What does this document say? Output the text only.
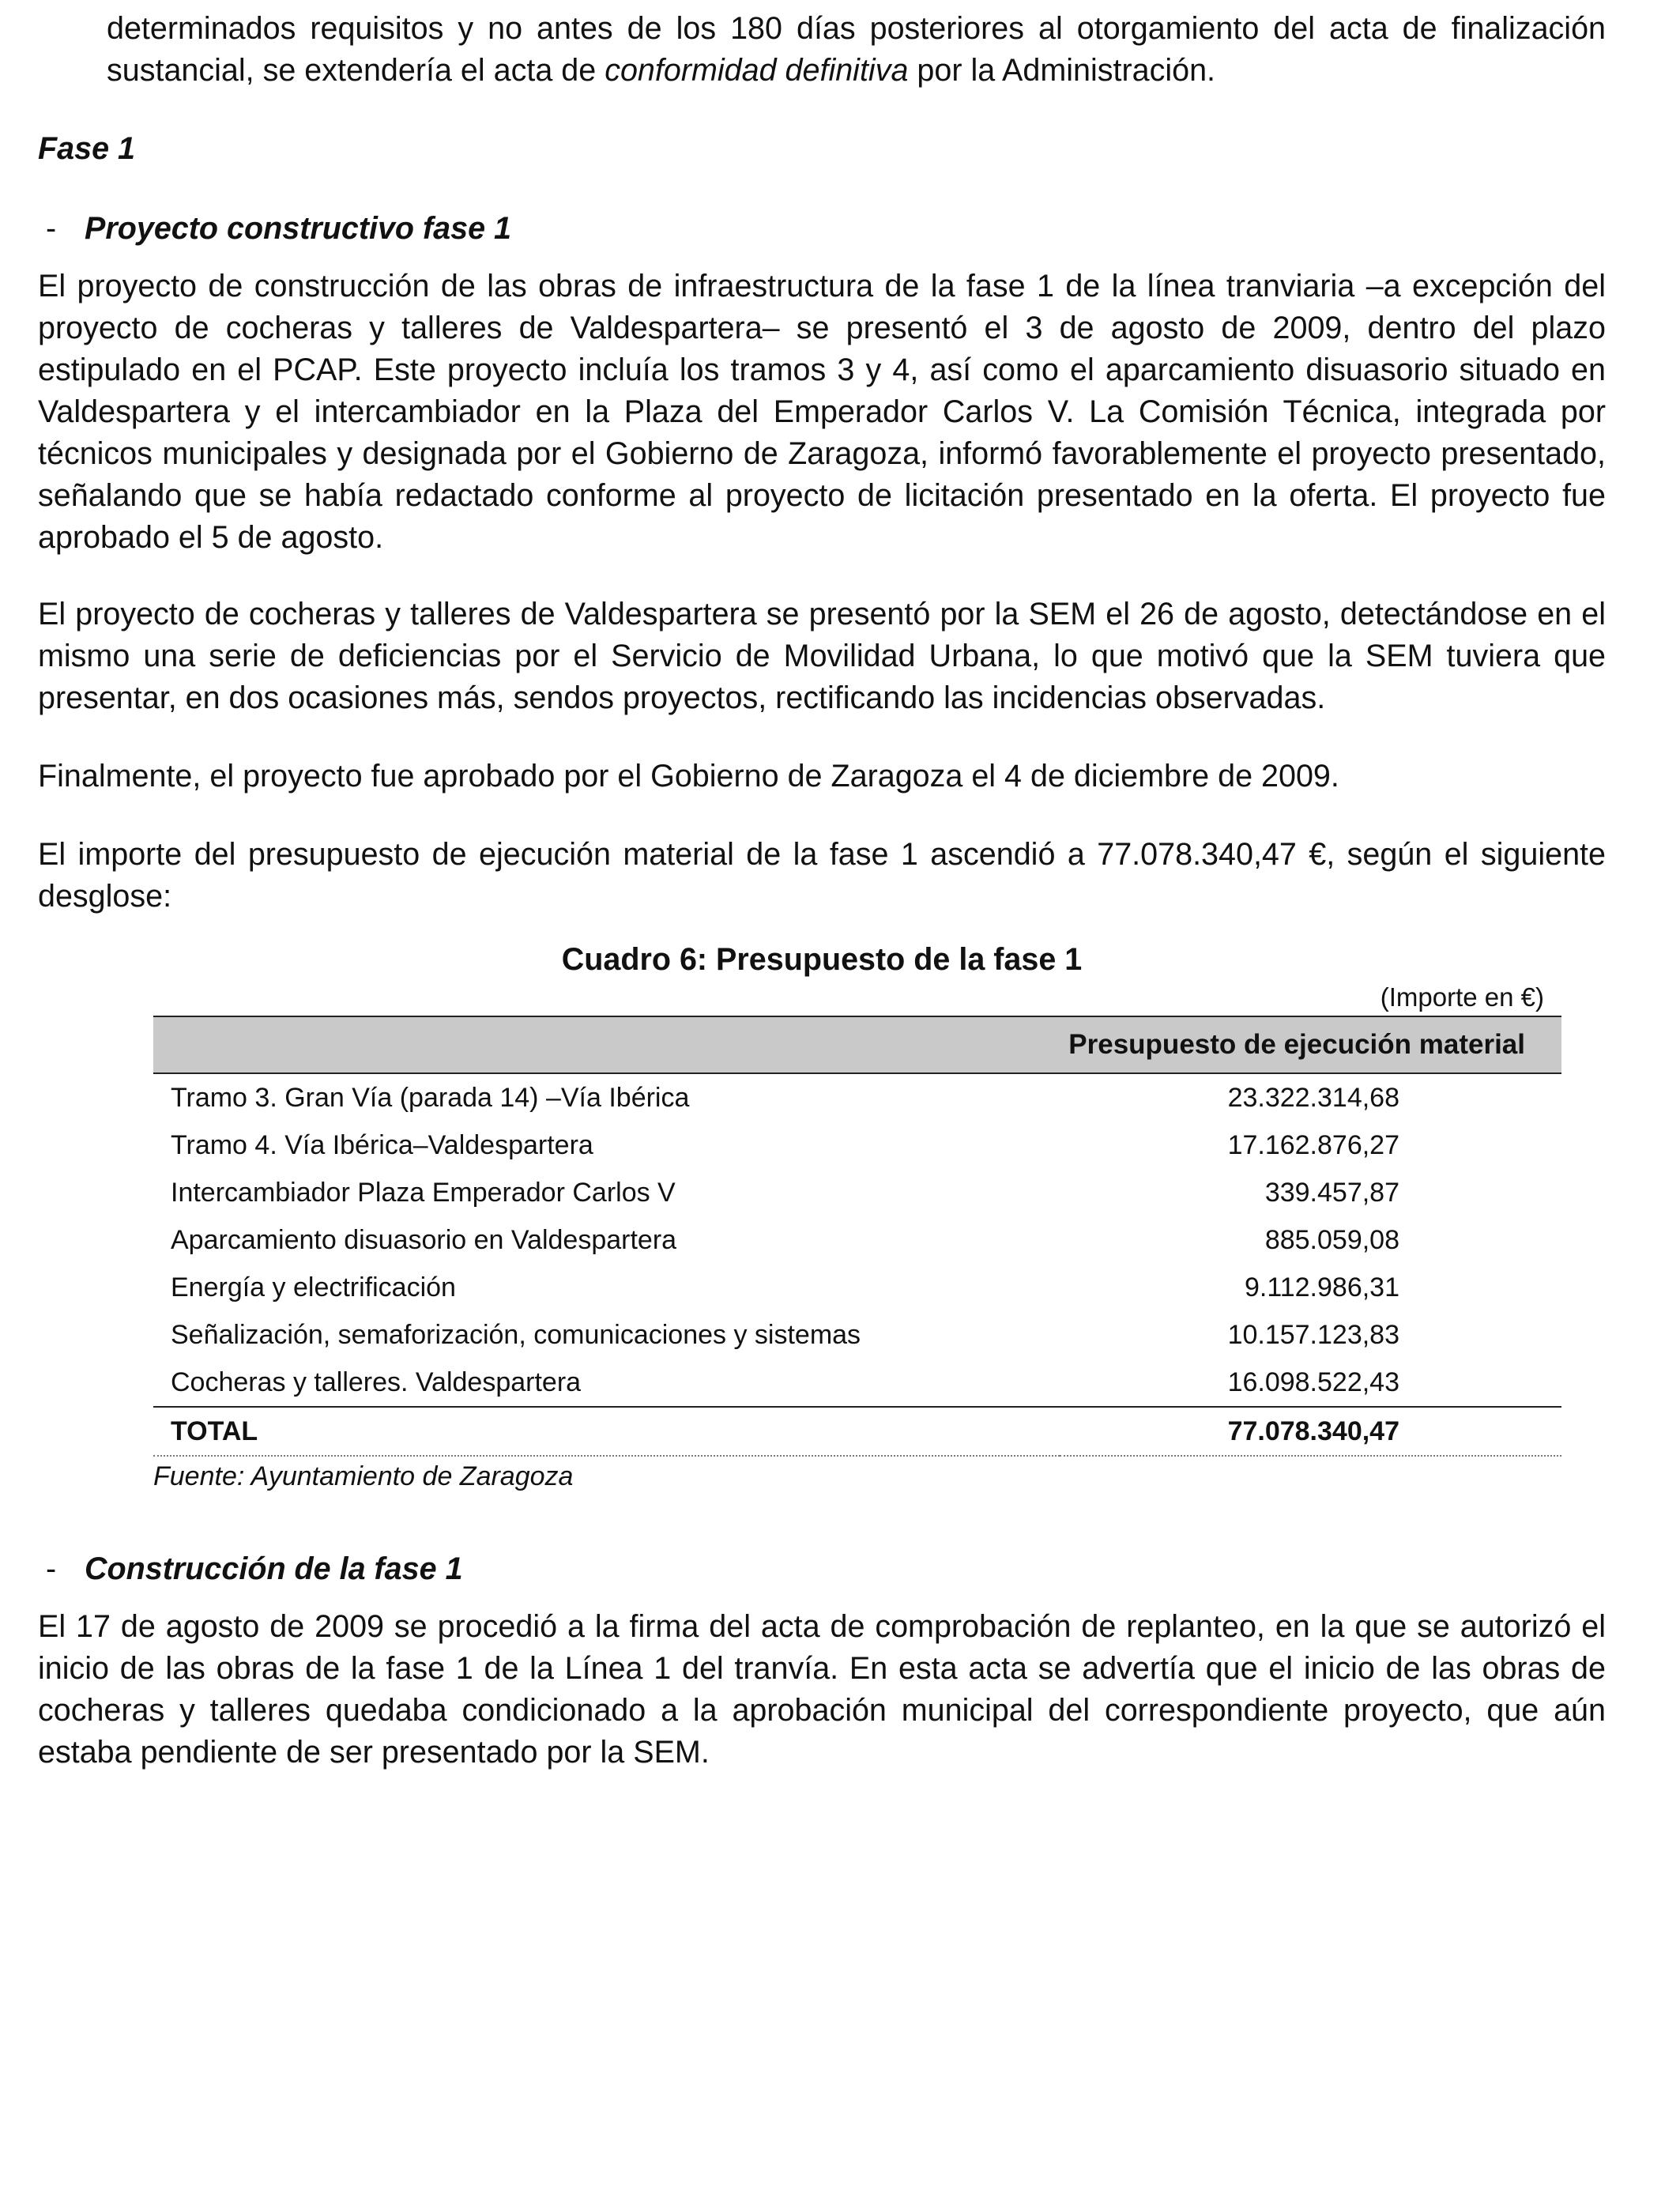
determinados requisitos y no antes de los 180 días posteriores al otorgamiento del acta de finalización sustancial, se extendería el acta de conformidad definitiva por la Administración.

Fase 1
- Proyecto constructivo fase 1

El proyecto de construcción de las obras de infraestructura de la fase 1 de la línea tranviaria –a excepción del proyecto de cocheras y talleres de Valdespartera– se presentó el 3 de agosto de 2009, dentro del plazo estipulado en el PCAP. Este proyecto incluía los tramos 3 y 4, así como el aparcamiento disuasorio situado en Valdespartera y el intercambiador en la Plaza del Emperador Carlos V. La Comisión Técnica, integrada por técnicos municipales y designada por el Gobierno de Zaragoza, informó favorablemente el proyecto presentado, señalando que se había redactado conforme al proyecto de licitación presentado en la oferta. El proyecto fue aprobado el 5 de agosto.

El proyecto de cocheras y talleres de Valdespartera se presentó por la SEM el 26 de agosto, detectándose en el mismo una serie de deficiencias por el Servicio de Movilidad Urbana, lo que motivó que la SEM tuviera que presentar, en dos ocasiones más, sendos proyectos, rectificando las incidencias observadas.

Finalmente, el proyecto fue aprobado por el Gobierno de Zaragoza el 4 de diciembre de 2009.

El importe del presupuesto de ejecución material de la fase 1 ascendió a 77.078.340,47 €, según el siguiente desglose:

Cuadro 6: Presupuesto de la fase 1
(Importe en €)
	Presupuesto de ejecución material
Tramo 3. Gran Vía (parada 14) –Vía Ibérica	23.322.314,68
Tramo 4. Vía Ibérica–Valdespartera	17.162.876,27
Intercambiador Plaza Emperador Carlos V	339.457,87
Aparcamiento disuasorio en Valdespartera	885.059,08
Energía y electrificación	9.112.986,31
Señalización, semaforización, comunicaciones y sistemas	10.157.123,83
Cocheras y talleres. Valdespartera	16.098.522,43
TOTAL	77.078.340,47
Fuente: Ayuntamiento de Zaragoza
- Construcción de la fase 1

El 17 de agosto de 2009 se procedió a la firma del acta de comprobación de replanteo, en la que se autorizó el inicio de las obras de la fase 1 de la Línea 1 del tranvía. En esta acta se advertía que el inicio de las obras de cocheras y talleres quedaba condicionado a la aprobación municipal del correspondiente proyecto, que aún estaba pendiente de ser presentado por la SEM.
